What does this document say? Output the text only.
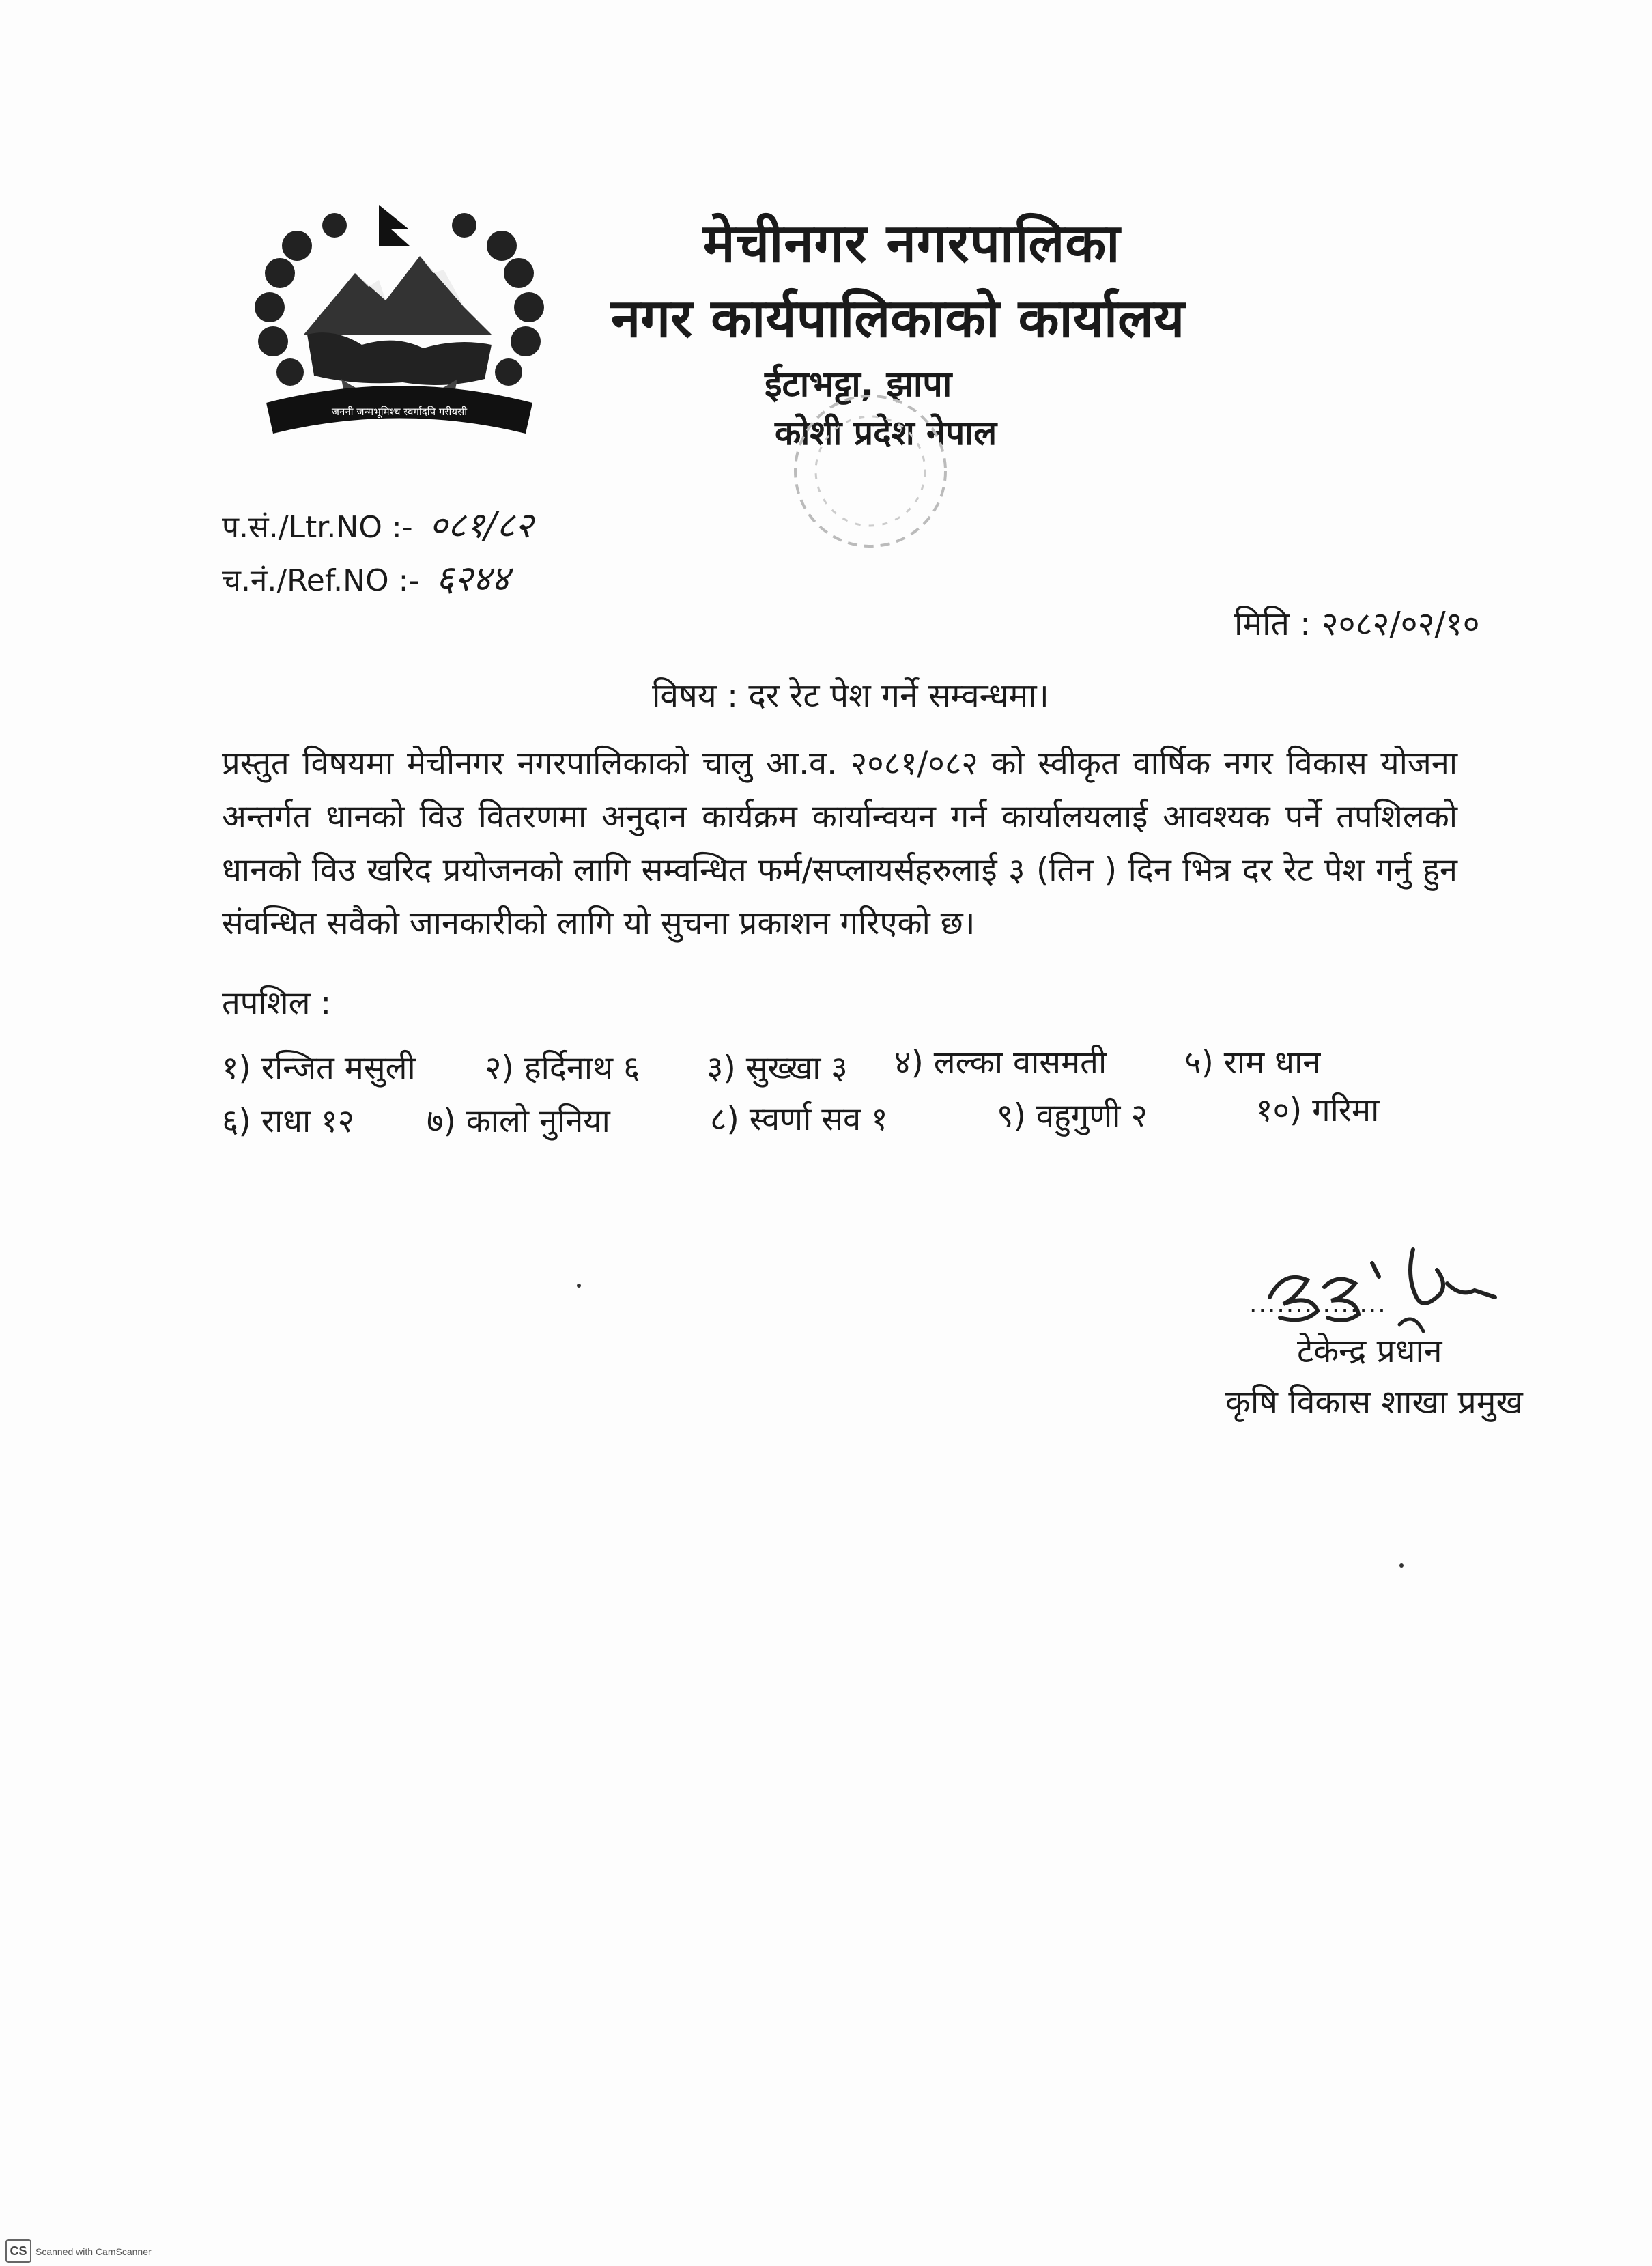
जननी जन्मभूमिश्च स्वर्गादपि गरीयसी
मेचीनगर नगरपालिका
नगर कार्यपालिकाको कार्यालय
ईटाभट्टा, झापा
कोशी प्रदेश नेपाल
प.सं./Ltr.NO :- ०८१/८२
च.नं./Ref.NO :- ६२४४
मिति : २०८२/०२/१०
विषय : दर रेट पेश गर्ने सम्वन्धमा।
प्रस्तुत विषयमा मेचीनगर नगरपालिकाको चालु आ.व. २०८१/०८२ को स्वीकृत वार्षिक नगर विकास योजना अन्तर्गत धानको विउ वितरणमा अनुदान कार्यक्रम कार्यान्वयन गर्न कार्यालयलाई आवश्यक पर्ने तपशिलको धानको विउ खरिद प्रयोजनको लागि सम्वन्धित फर्म/सप्लायर्सहरुलाई ३ (तिन ) दिन भित्र दर रेट पेश गर्नु हुन संवन्धित सवैको जानकारीको लागि यो सुचना प्रकाशन गरिएको छ।
तपशिल :
१) रन्जित मसुली २) हर्दिनाथ ६ ३) सुख्खा ३ ४) लल्का वासमती ५) राम धान
६) राधा १२ ७) कालो नुनिया	८) स्वर्णा सव १	९) वहुगुणी २	१०) गरिमा
...............
टेकेन्द्र प्रधान
कृषि विकास शाखा प्रमुख
CS Scanned with CamScanner
